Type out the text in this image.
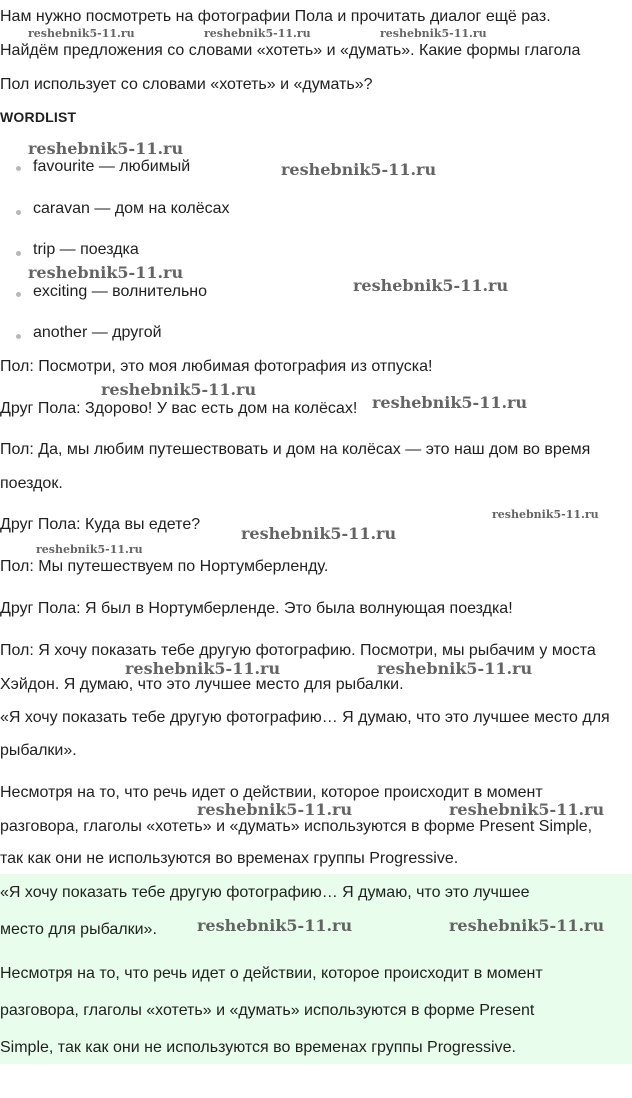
Нам нужно посмотреть на фотографии Пола и прочитать диалог ещё раз.
Найдём предложения со словами «хотеть» и «думать». Какие формы глагола
Пол использует со словами «хотеть» и «думать»?
WORDLIST
favourite — любимый
caravan — дом на колёсах
trip — поездка
exciting — волнительно
another — другой
Пол: Посмотри, это моя любимая фотография из отпуска!
Друг Пола: Здорово! У вас есть дом на колёсах!
Пол: Да, мы любим путешествовать и дом на колёсах — это наш дом во время
поездок.
Друг Пола: Куда вы едете?
Пол: Мы путешествуем по Нортумберленду.
Друг Пола: Я был в Нортумберленде. Это была волнующая поездка!
Пол: Я хочу показать тебе другую фотографию. Посмотри, мы рыбачим у моста
Хэйдон. Я думаю, что это лучшее место для рыбалки.
«Я хочу показать тебе другую фотографию… Я думаю, что это лучшее место для
рыбалки».
Несмотря на то, что речь идет о действии, которое происходит в момент
разговора, глаголы «хотеть» и «думать» используются в форме Present Simple,
так как они не используются во временах группы Progressive.
«Я хочу показать тебе другую фотографию… Я думаю, что это лучшее
место для рыбалки».
Несмотря на то, что речь идет о действии, которое происходит в момент
разговора, глаголы «хотеть» и «думать» используются в форме Present
Simple, так как они не используются во временах группы Progressive.
reshebnik5-11.ru	reshebnik5-11.ru	reshebnik5-11.ru
reshebnik5-11.ru
reshebnik5-11.ru
reshebnik5-11.ru
reshebnik5-11.ru
reshebnik5-11.ru
reshebnik5-11.ru
reshebnik5-11.ru
reshebnik5-11.ru
reshebnik5-11.ru
reshebnik5-11.ru	reshebnik5-11.ru
reshebnik5-11.ru	reshebnik5-11.ru
reshebnik5-11.ru	reshebnik5-11.ru
